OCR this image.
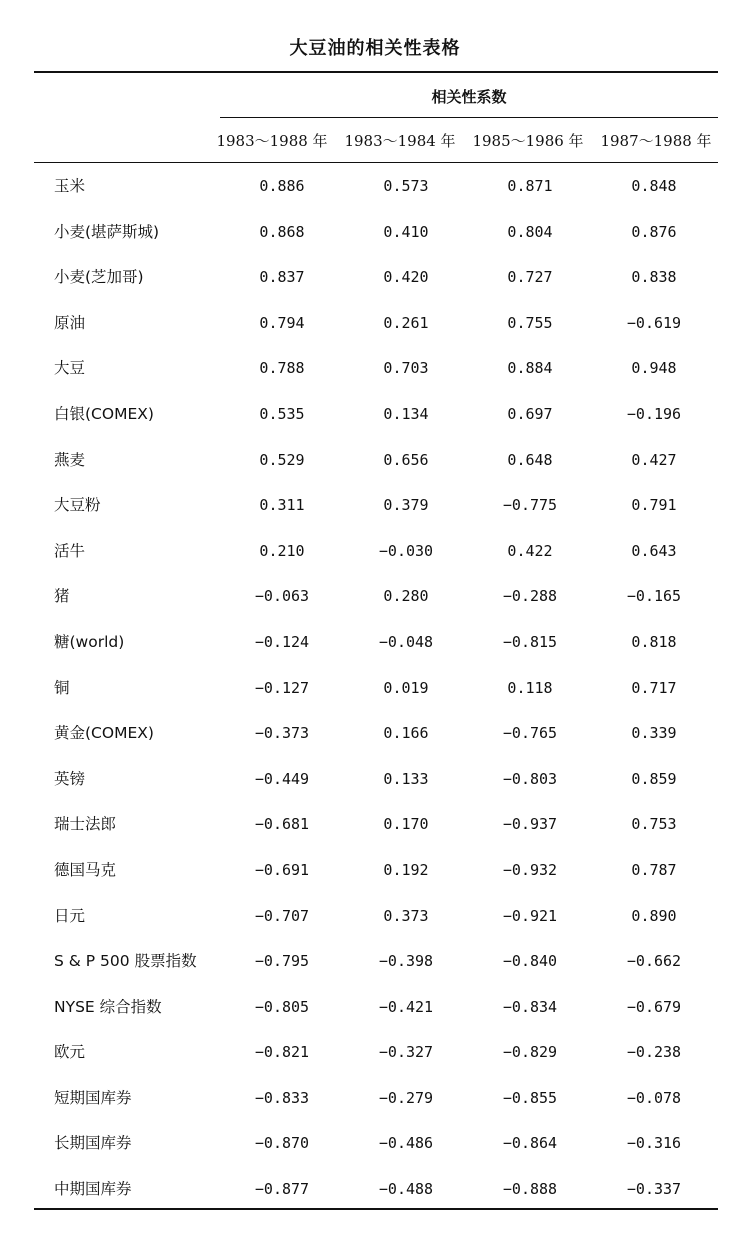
大豆油的相关性表格
相关性系数
1983～1988 年	1983～1984 年	1985～1986 年	1987～1988 年
玉米	0.886	0.573	0.871	0.848
小麦(堪萨斯城)	0.868	0.410	0.804	0.876
小麦(芝加哥)	0.837	0.420	0.727	0.838
原油	0.794	0.261	0.755	−0.619
大豆	0.788	0.703	0.884	0.948
白银(COMEX)	0.535	0.134	0.697	−0.196
燕麦	0.529	0.656	0.648	0.427
大豆粉	0.311	0.379	−0.775	0.791
活牛	0.210	−0.030	0.422	0.643
猪	−0.063	0.280	−0.288	−0.165
糖(world)	−0.124	−0.048	−0.815	0.818
铜	−0.127	0.019	0.118	0.717
黄金(COMEX)	−0.373	0.166	−0.765	0.339
英镑	−0.449	0.133	−0.803	0.859
瑞士法郎	−0.681	0.170	−0.937	0.753
德国马克	−0.691	0.192	−0.932	0.787
日元	−0.707	0.373	−0.921	0.890
S & P 500 股票指数	−0.795	−0.398	−0.840	−0.662
NYSE 综合指数	−0.805	−0.421	−0.834	−0.679
欧元	−0.821	−0.327	−0.829	−0.238
短期国库券	−0.833	−0.279	−0.855	−0.078
长期国库券	−0.870	−0.486	−0.864	−0.316
中期国库券	−0.877	−0.488	−0.888	−0.337
